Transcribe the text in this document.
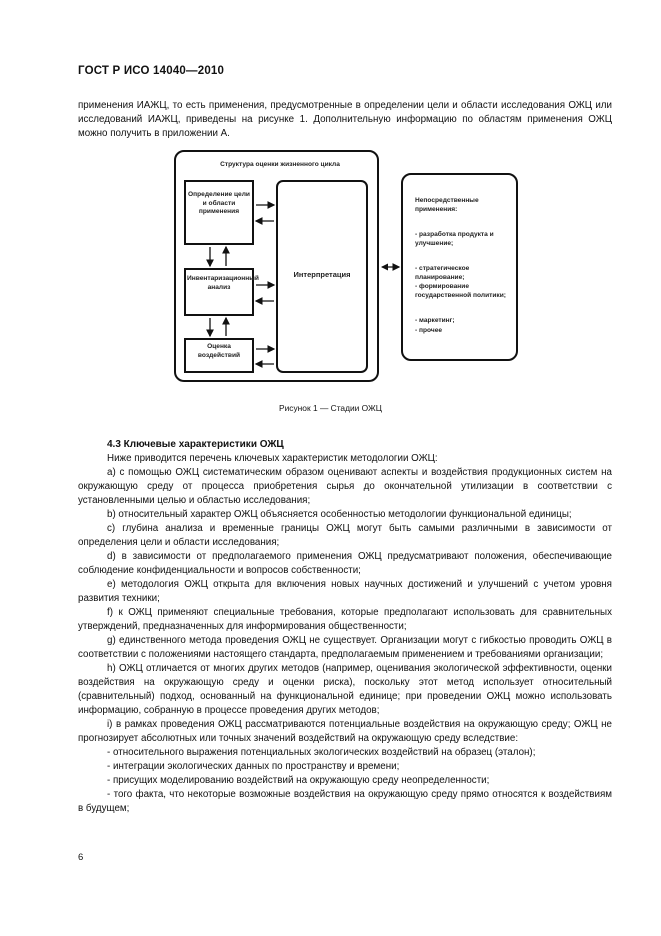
ГОСТ Р ИСО 14040—2010
применения ИАЖЦ, то есть применения, предусмотренные в определении цели и области исследования ОЖЦ или исследований ИАЖЦ, приведены на рисунке 1. Дополнительную информацию по областям применения ОЖЦ можно получить в приложении А.
Структура оценки жизненного цикла
Определение цели и области применения
Инвентаризационный анализ
Оценка воздействий
Интерпретация
Непосредственные применения:
- разработка продукта и улучшение;
- стратегическое планирование;
- формирование государственной политики;
- маркетинг;
- прочее
Рисунок 1 — Стадии ОЖЦ
4.3 Ключевые характеристики ОЖЦ

Ниже приводится перечень ключевых характеристик методологии ОЖЦ:

a) с помощью ОЖЦ систематическим образом оценивают аспекты и воздействия продукционных систем на окружающую среду от процесса приобретения сырья до окончательной утилизации в соответствии с установленными целью и областью исследования;

b) относительный характер ОЖЦ объясняется особенностью методологии функциональной единицы;

c) глубина анализа и временные границы ОЖЦ могут быть самыми различными в зависимости от определения цели и области исследования;

d) в зависимости от предполагаемого применения ОЖЦ предусматривают положения, обеспечивающие соблюдение конфиденциальности и вопросов собственности;

e) методология ОЖЦ открыта для включения новых научных достижений и улучшений с учетом уровня развития техники;

f) к ОЖЦ применяют специальные требования, которые предполагают использовать для сравнительных утверждений, предназначенных для информирования общественности;

g) единственного метода проведения ОЖЦ не существует. Организации могут с гибкостью проводить ОЖЦ в соответствии с положениями настоящего стандарта, предполагаемым применением и требованиями организации;

h) ОЖЦ отличается от многих других методов (например, оценивания экологической эффективности, оценки воздействия на окружающую среду и оценки риска), поскольку этот метод использует относительный (сравнительный) подход, основанный на функциональной единице; при проведении ОЖЦ можно использовать информацию, собранную в процессе проведения других методов;

i) в рамках проведения ОЖЦ рассматриваются потенциальные воздействия на окружающую среду; ОЖЦ не прогнозирует абсолютных или точных значений воздействий на окружающую среду вследствие:

- относительного выражения потенциальных экологических воздействий на образец (эталон);

- интеграции экологических данных по пространству и времени;

- присущих моделированию воздействий на окружающую среду неопределенности;

- того факта, что некоторые возможные воздействия на окружающую среду прямо относятся к воздействиям в будущем;

6
